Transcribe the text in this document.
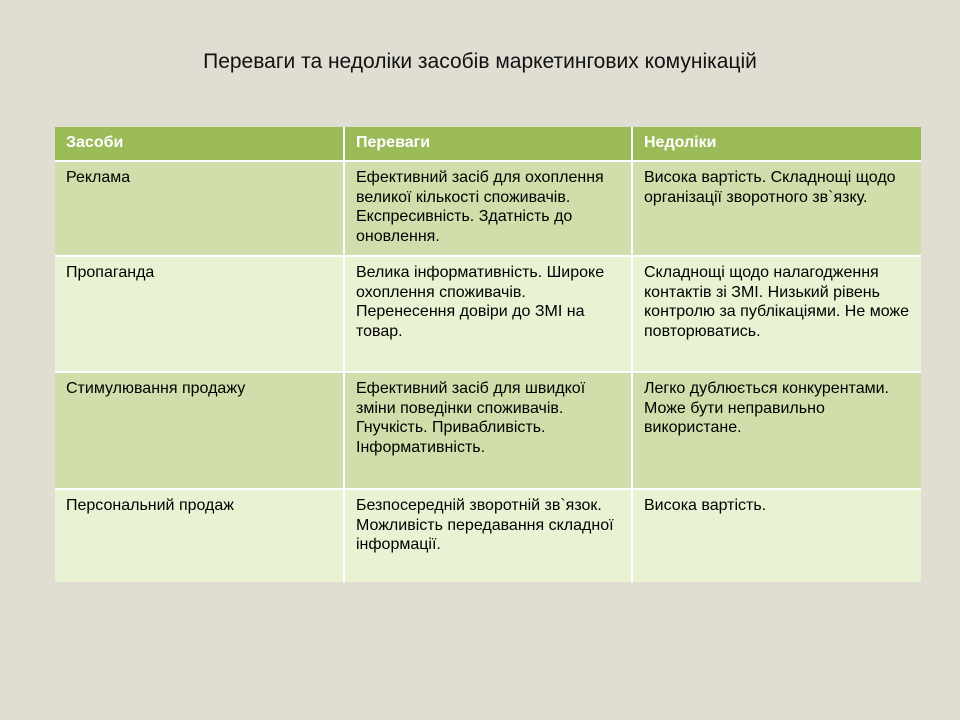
Переваги та недоліки засобів маркетингових комунікацій
Засоби	Переваги	Недоліки
Реклама	Ефективний засіб для охоплення великої кількості споживачів. Експресивність. Здатність до оновлення.	Висока вартість. Складнощі щодо організації зворотного зв`язку.
Пропаганда	Велика інформативність. Широке охоплення споживачів. Перенесення довіри до ЗМІ на товар.	Складнощі щодо налагодження контактів зі ЗМІ. Низький рівень контролю за публікаціями. Не може повторюватись.
Стимулювання продажу	Ефективний засіб для швидкої зміни поведінки споживачів. Гнучкість. Привабливість. Інформативність.	Легко дублюється конкурентами. Може бути неправильно використане.
Персональний продаж	Безпосередній зворотній зв`язок. Можливість передавання складної інформації.	Висока вартість.
